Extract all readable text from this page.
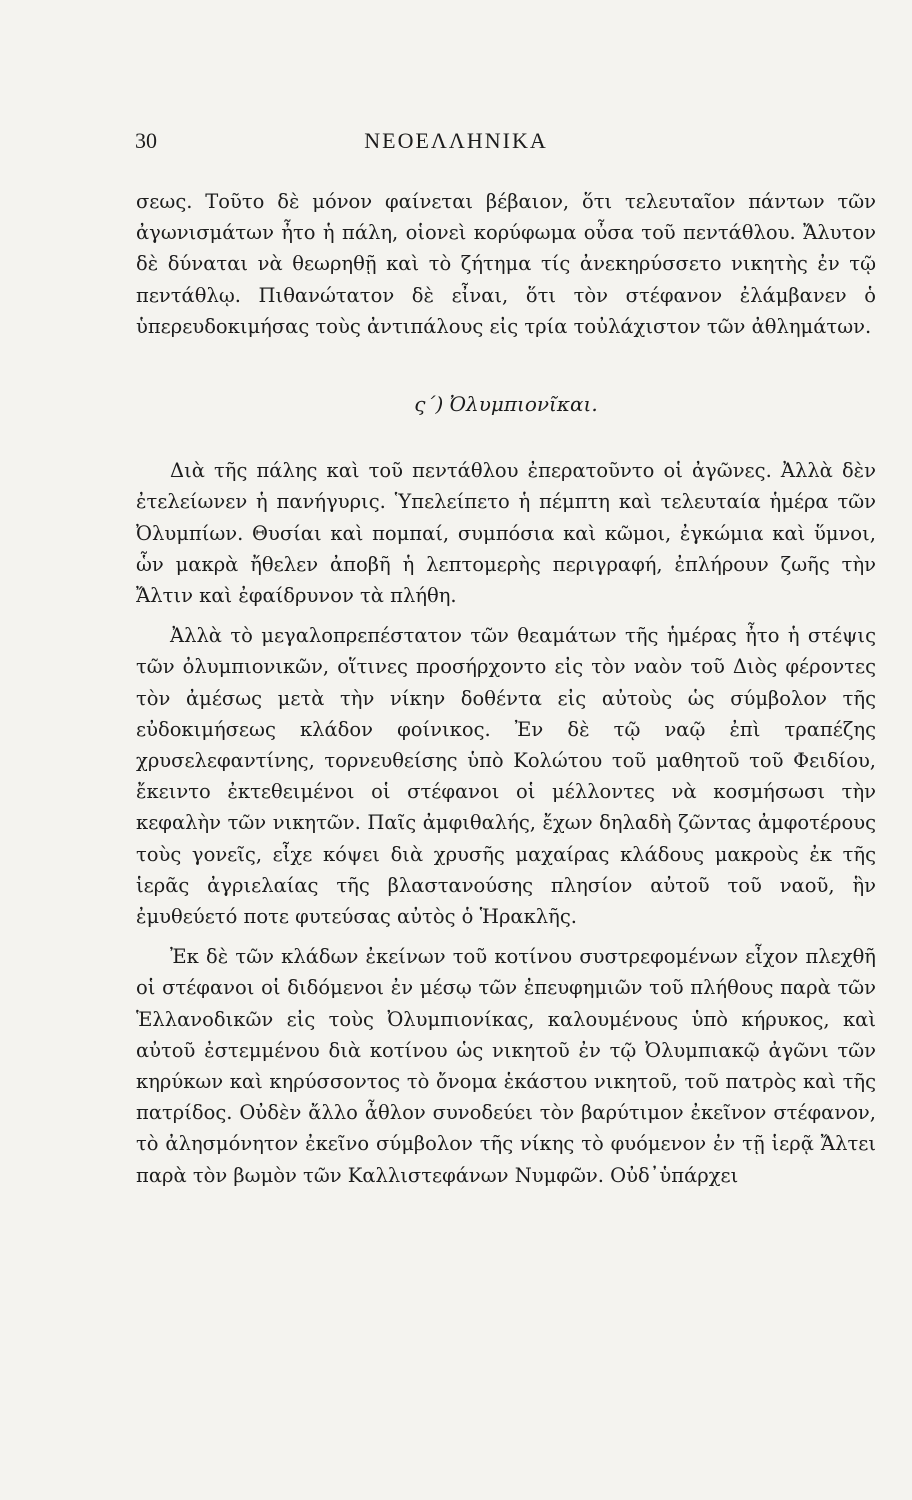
30	ΝΕΟΕΛΛΗΝΙΚΑ

σεως. Τοῦτο δὲ μόνον φαίνεται βέβαιον, ὅτι τελευταῖον πάντων τῶν ἀγωνισμάτων ἦτο ἡ πάλη, οἱονεὶ κορύφωμα οὖσα τοῦ πεντάθλου. Ἄλυτον δὲ δύναται νὰ θεωρηθῇ καὶ τὸ ζήτημα τίς ἀνεκηρύσσετο νικητὴς ἐν τῷ πεντάθλῳ. Πιθανώτατον δὲ εἶναι, ὅτι τὸν στέφανον ἐλάμβανεν ὁ ὑπερευδοκιμήσας τοὺς ἀντιπάλους εἰς τρία τοὐλάχιστον τῶν ἀθλημάτων.

ς΄) Ὀλυμπιονῖκαι.

Διὰ τῆς πάλης καὶ τοῦ πεντάθλου ἐπερατοῦντο οἱ ἀγῶνες. Ἀλλὰ δὲν ἐτελείωνεν ἡ πανήγυρις. Ὑπελείπετο ἡ πέμπτη καὶ τελευταία ἡμέρα τῶν Ὀλυμπίων. Θυσίαι καὶ πομπαί, συμπόσια καὶ κῶμοι, ἐγκώμια καὶ ὕμνοι, ὧν μακρὰ ἤθελεν ἀποβῆ ἡ λεπτομερὴς περιγραφή, ἐπλήρουν ζωῆς τὴν Ἄλτιν καὶ ἐφαίδρυνον τὰ πλήθη.

Ἀλλὰ τὸ μεγαλοπρεπέστατον τῶν θεαμάτων τῆς ἡμέρας ἦτο ἡ στέψις τῶν ὀλυμπιονικῶν, οἵτινες προσήρχοντο εἰς τὸν ναὸν τοῦ Διὸς φέροντες τὸν ἀμέσως μετὰ τὴν νίκην δοθέντα εἰς αὐτοὺς ὡς σύμβολον τῆς εὐδοκιμήσεως κλάδον φοίνικος. Ἐν δὲ τῷ ναῷ ἐπὶ τραπέζης χρυσελεφαντίνης, τορνευθείσης ὑπὸ Κολώτου τοῦ μαθητοῦ τοῦ Φειδίου, ἔκειντο ἐκτεθειμένοι οἱ στέφανοι οἱ μέλλοντες νὰ κοσμήσωσι τὴν κεφαλὴν τῶν νικητῶν. Παῖς ἀμφιθαλής, ἔχων δηλαδὴ ζῶντας ἀμφοτέρους τοὺς γονεῖς, εἶχε κόψει διὰ χρυσῆς μαχαίρας κλάδους μακροὺς ἐκ τῆς ἱερᾶς ἀγριελαίας τῆς βλαστανούσης πλησίον αὐτοῦ τοῦ ναοῦ, ἣν ἐμυθεύετό ποτε φυτεύσας αὐτὸς ὁ Ἡρακλῆς.

Ἐκ δὲ τῶν κλάδων ἐκείνων τοῦ κοτίνου συστρεφομένων εἶχον πλεχθῆ οἱ στέφανοι οἱ διδόμενοι ἐν μέσῳ τῶν ἐπευφημιῶν τοῦ πλήθους παρὰ τῶν Ἑλλανοδικῶν εἰς τοὺς Ὀλυμπιονίκας, καλουμένους ὑπὸ κήρυκος, καὶ αὐτοῦ ἐστεμμένου διὰ κοτίνου ὡς νικητοῦ ἐν τῷ Ὀλυμπιακῷ ἀγῶνι τῶν κηρύκων καὶ κηρύσσοντος τὸ ὄνομα ἑκάστου νικητοῦ, τοῦ πατρὸς καὶ τῆς πατρίδος. Οὐδὲν ἄλλο ἆθλον συνοδεύει τὸν βαρύτιμον ἐκεῖνον στέφανον, τὸ ἀλησμόνητον ἐκεῖνο σύμβολον τῆς νίκης τὸ φυόμενον ἐν τῇ ἱερᾷ Ἄλτει παρὰ τὸν βωμὸν τῶν Καλλιστεφάνων Νυμφῶν. Οὐδ᾽ὑπάρχει
